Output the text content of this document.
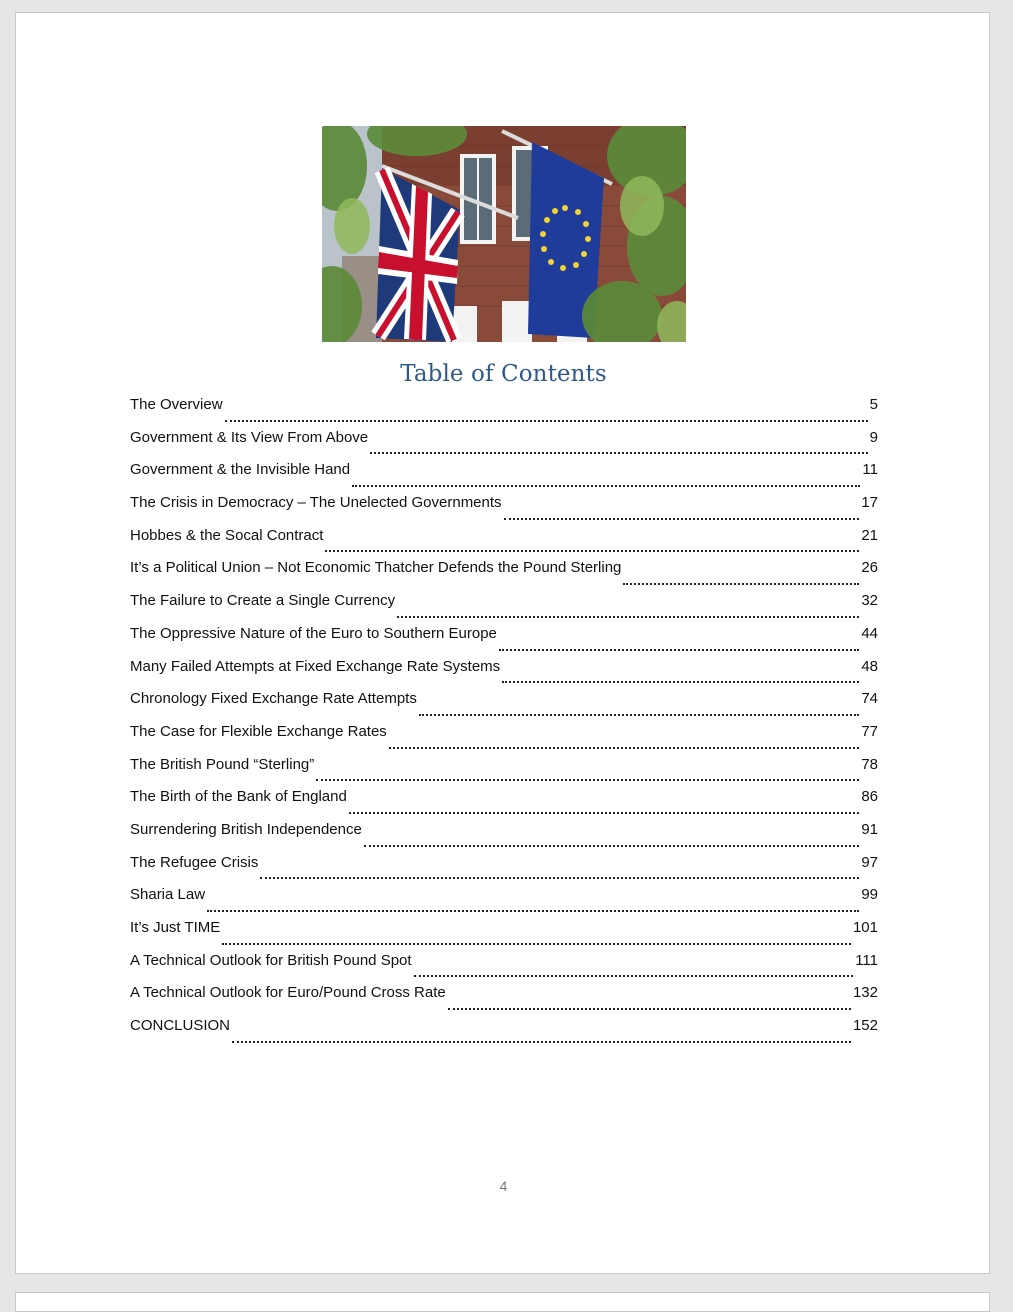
Table of Contents
The Overview	5
Government & Its View From Above	9
Government & the Invisible Hand	11
The Crisis in Democracy – The Unelected Governments	17
Hobbes & the Socal Contract	21
It’s a Political Union – Not Economic Thatcher Defends the Pound Sterling	26
The Failure to Create a Single Currency	32
The Oppressive Nature of the Euro to Southern Europe	44
Many Failed Attempts at Fixed Exchange Rate Systems	48
Chronology Fixed Exchange Rate Attempts	74
The Case for Flexible Exchange Rates	77
The British Pound “Sterling”	78
The Birth of the Bank of England	86
Surrendering British Independence	91
The Refugee Crisis	97
Sharia Law	99
It’s Just TIME	101
A Technical Outlook for British Pound Spot	111
A Technical Outlook for Euro/Pound Cross Rate	132
CONCLUSION	152
4
